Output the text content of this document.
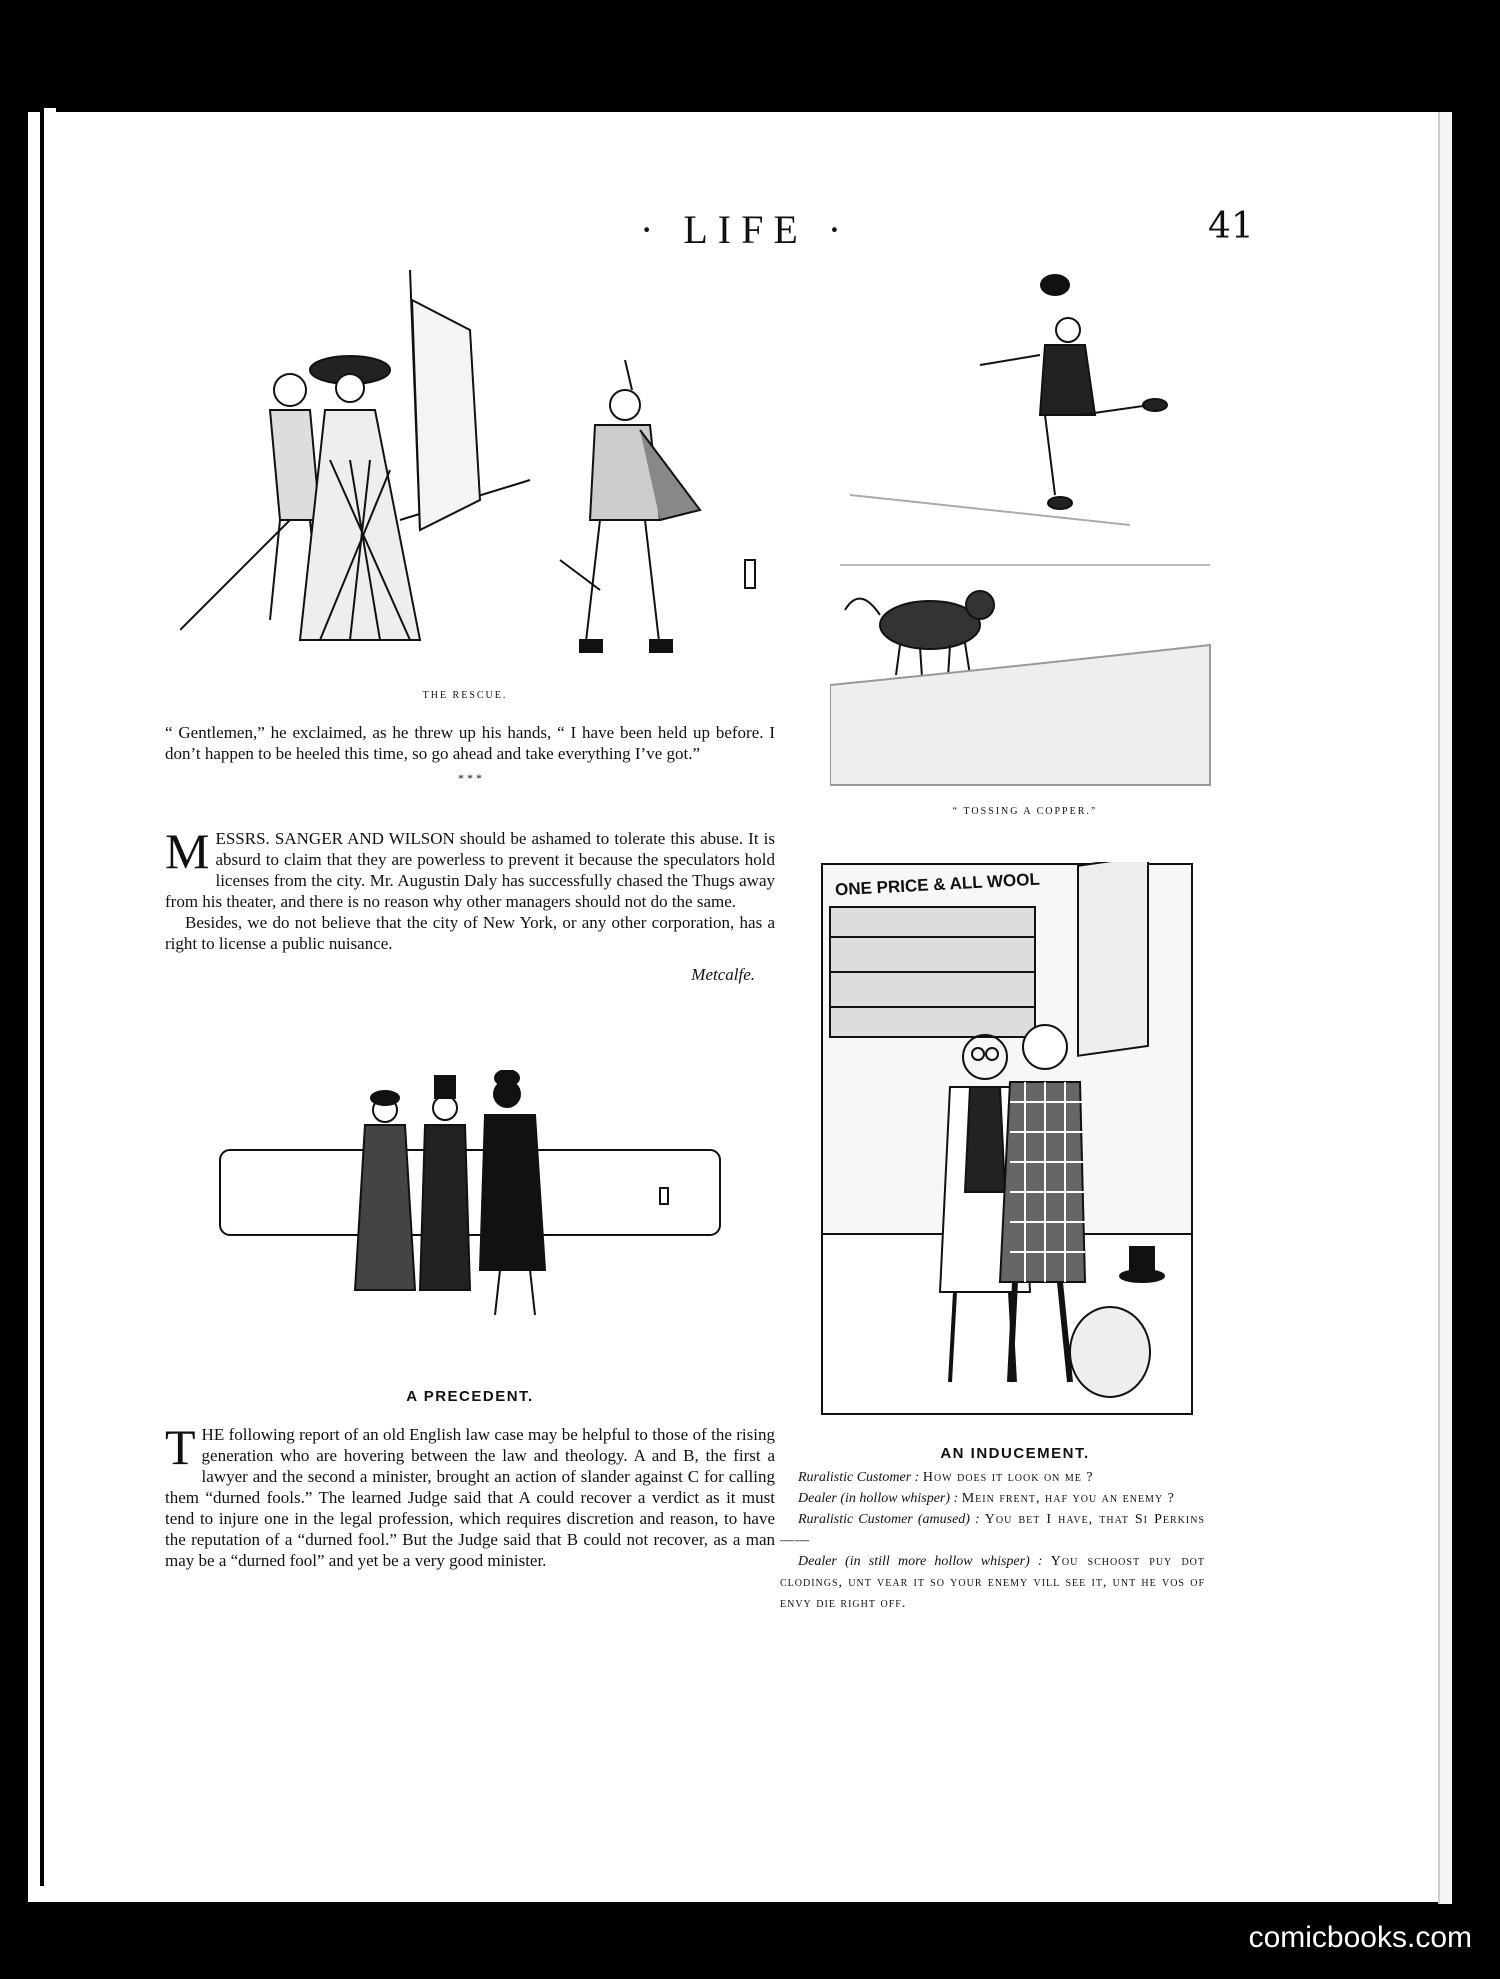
· LIFE ·	41
THE RESCUE.

“ Gentlemen,” he exclaimed, as he threw up his hands, “ I have been held up before. I don’t happen to be heeled this time, so go ahead and take everything I’ve got.”

* * *

“ TOSSING A COPPER.”
M ESSRS. SANGER AND WILSON should be ashamed to tolerate this abuse. It is absurd to claim that they are powerless to prevent it because the speculators hold licenses from the city. Mr. Augustin Daly has successfully chased the Thugs away from his theater, and there is no reason why other managers should not do the same.

Besides, we do not believe that the city of New York, or any other corporation, has a right to license a public nuisance.

Metcalfe.

A PRECEDENT.
T HE following report of an old English law case may be helpful to those of the rising generation who are hovering between the law and theology. A and B, the first a lawyer and the second a minister, brought an action of slander against C for calling them “durned fools.” The learned Judge said that A could recover a verdict as it must tend to injure one in the legal profession, which requires discretion and reason, to have the reputation of a “durned fool.” But the Judge said that B could not recover, as a man may be a “durned fool” and yet be a very good minister.

ONE PRICE & ALL WOOL
AN INDUCEMENT.

Ruralistic Customer : How does it look on me ?

Dealer (in hollow whisper) : Mein frent, haf you an enemy ?

Ruralistic Customer (amused) : You bet I have, that Si Perkins——

Dealer (in still more hollow whisper) : You schoost puy dot clodings, unt vear it so your enemy vill see it, unt he vos of envy die right off.

comicbooks.com
